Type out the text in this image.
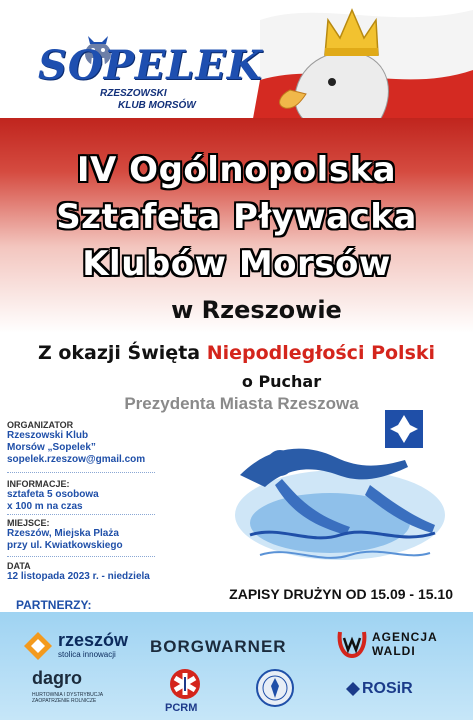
SOPELEK
RZESZOWSKI
KLUB MORSÓW
IV Ogólnopolska
Sztafeta Pływacka
Klubów Morsów
w Rzeszowie
Z okazji Święta Niepodległości Polski
o Puchar
Prezydenta Miasta Rzeszowa
ORGANIZATOR
Rzeszowski Klub
Morsów „Sopelek”
sopelek.rzeszow@gmail.com
INFORMACJE:
sztafeta 5 osobowa
x 100 m na czas
MIEJSCE:
Rzeszów, Miejska Plaża
przy ul. Kwiatkowskiego
DATA
12 listopada 2023 r. - niedziela
ZAPISY DRUŻYN OD 15.09 - 15.10
PARTNERZY:
rzeszów
stolica innowacji BORGWARNER	AGENCJA
WALDI
dagro
HURTOWNIA I DYSTRYBUCJA ZAOPATRZENIE ROLNICZE
PCRM
ROSiR
